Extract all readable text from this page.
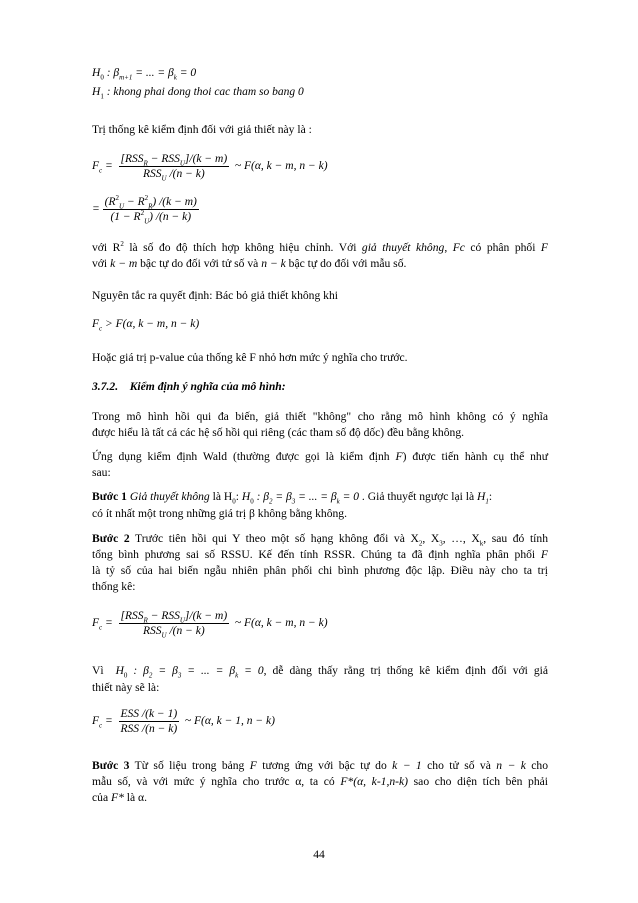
$H_0$ : $\beta_{m+1}$ = ... = $\beta_k = 0$
$H_1$ : khong phai dong thoi cac tham so bang 0
Trị thống kê kiểm định đối với giả thiết này là :
$F_c = \frac{[RSS_R - RSS_U]/(k - m)}{RSS_U /(n - k)}$ ~ F(α, k − m, n − k)
= $\frac{(R^2_U - R^2_R) /(k - m)}{(1 - R^2_U) /(n - k)}$
với $R^2$ là số đo độ thích hợp không hiệu chỉnh. Với giả thuyết không, Fc có phân phối F
với k − m bậc tự do đối với tử số và n − k bậc tự do đối với mẫu số.
Nguyên tắc ra quyết định: Bác bỏ giả thiết không khi
$F_c > F(\alpha$, k − m, n − k)
Hoặc giá trị p-value của thống kê F nhỏ hơn mức ý nghĩa cho trước.
3.7.2. Kiểm định ý nghĩa của mô hình:
Trong mô hình hồi qui đa biến, giả thiết "không" cho rằng mô hình không có ý nghĩa
được hiểu là tất cả các hệ số hồi qui riêng (các tham số độ dốc) đều bằng không.
Ứng dụng kiểm định Wald (thường được gọi là kiểm định F) được tiến hành cụ thể như
sau:
Bước 1 Giả thuyết không là $H_0$: $H_0$ : $\beta_2 = \beta_3$ = ... = $\beta_k = 0$ . Giả thuyết ngược lại là $H_1$:
có ít nhất một trong những giá trị β không bằng không.
Bước 2 Trước tiên hồi qui Y theo một số hạng không đổi và $X_2$, $X_3$, …, $X_k$, sau đó tính
tổng bình phương sai số RSSU. Kế đến tính RSSR. Chúng ta đã định nghĩa phân phối F
là tỷ số của hai biến ngẫu nhiên phân phối chi bình phương độc lập. Điều này cho ta trị
thống kê:
$F_c = \frac{[RSS_R - RSS_U]/(k - m)}{RSS_U /(n - k)}$ ~ F(α, k − m, n − k)
Vì $H_0$ : $\beta_2 = \beta_3$ = ... = $\beta_k = 0$, dễ dàng thấy rằng trị thống kê kiểm định đối với giả
thiết này sẽ là:
$F_c = \frac{\text{ESS /(k − 1)}}{\text{RSS /(n − k)}}$ ~ F(α, k − 1, n − k)
Bước 3 Từ số liệu trong bảng F tương ứng với bậc tự do k − 1 cho tử số và n − k cho
mẫu số, và với mức ý nghĩa cho trước α, ta có F*(α, k-1,n-k) sao cho diện tích bên phải
của F* là α.
44
